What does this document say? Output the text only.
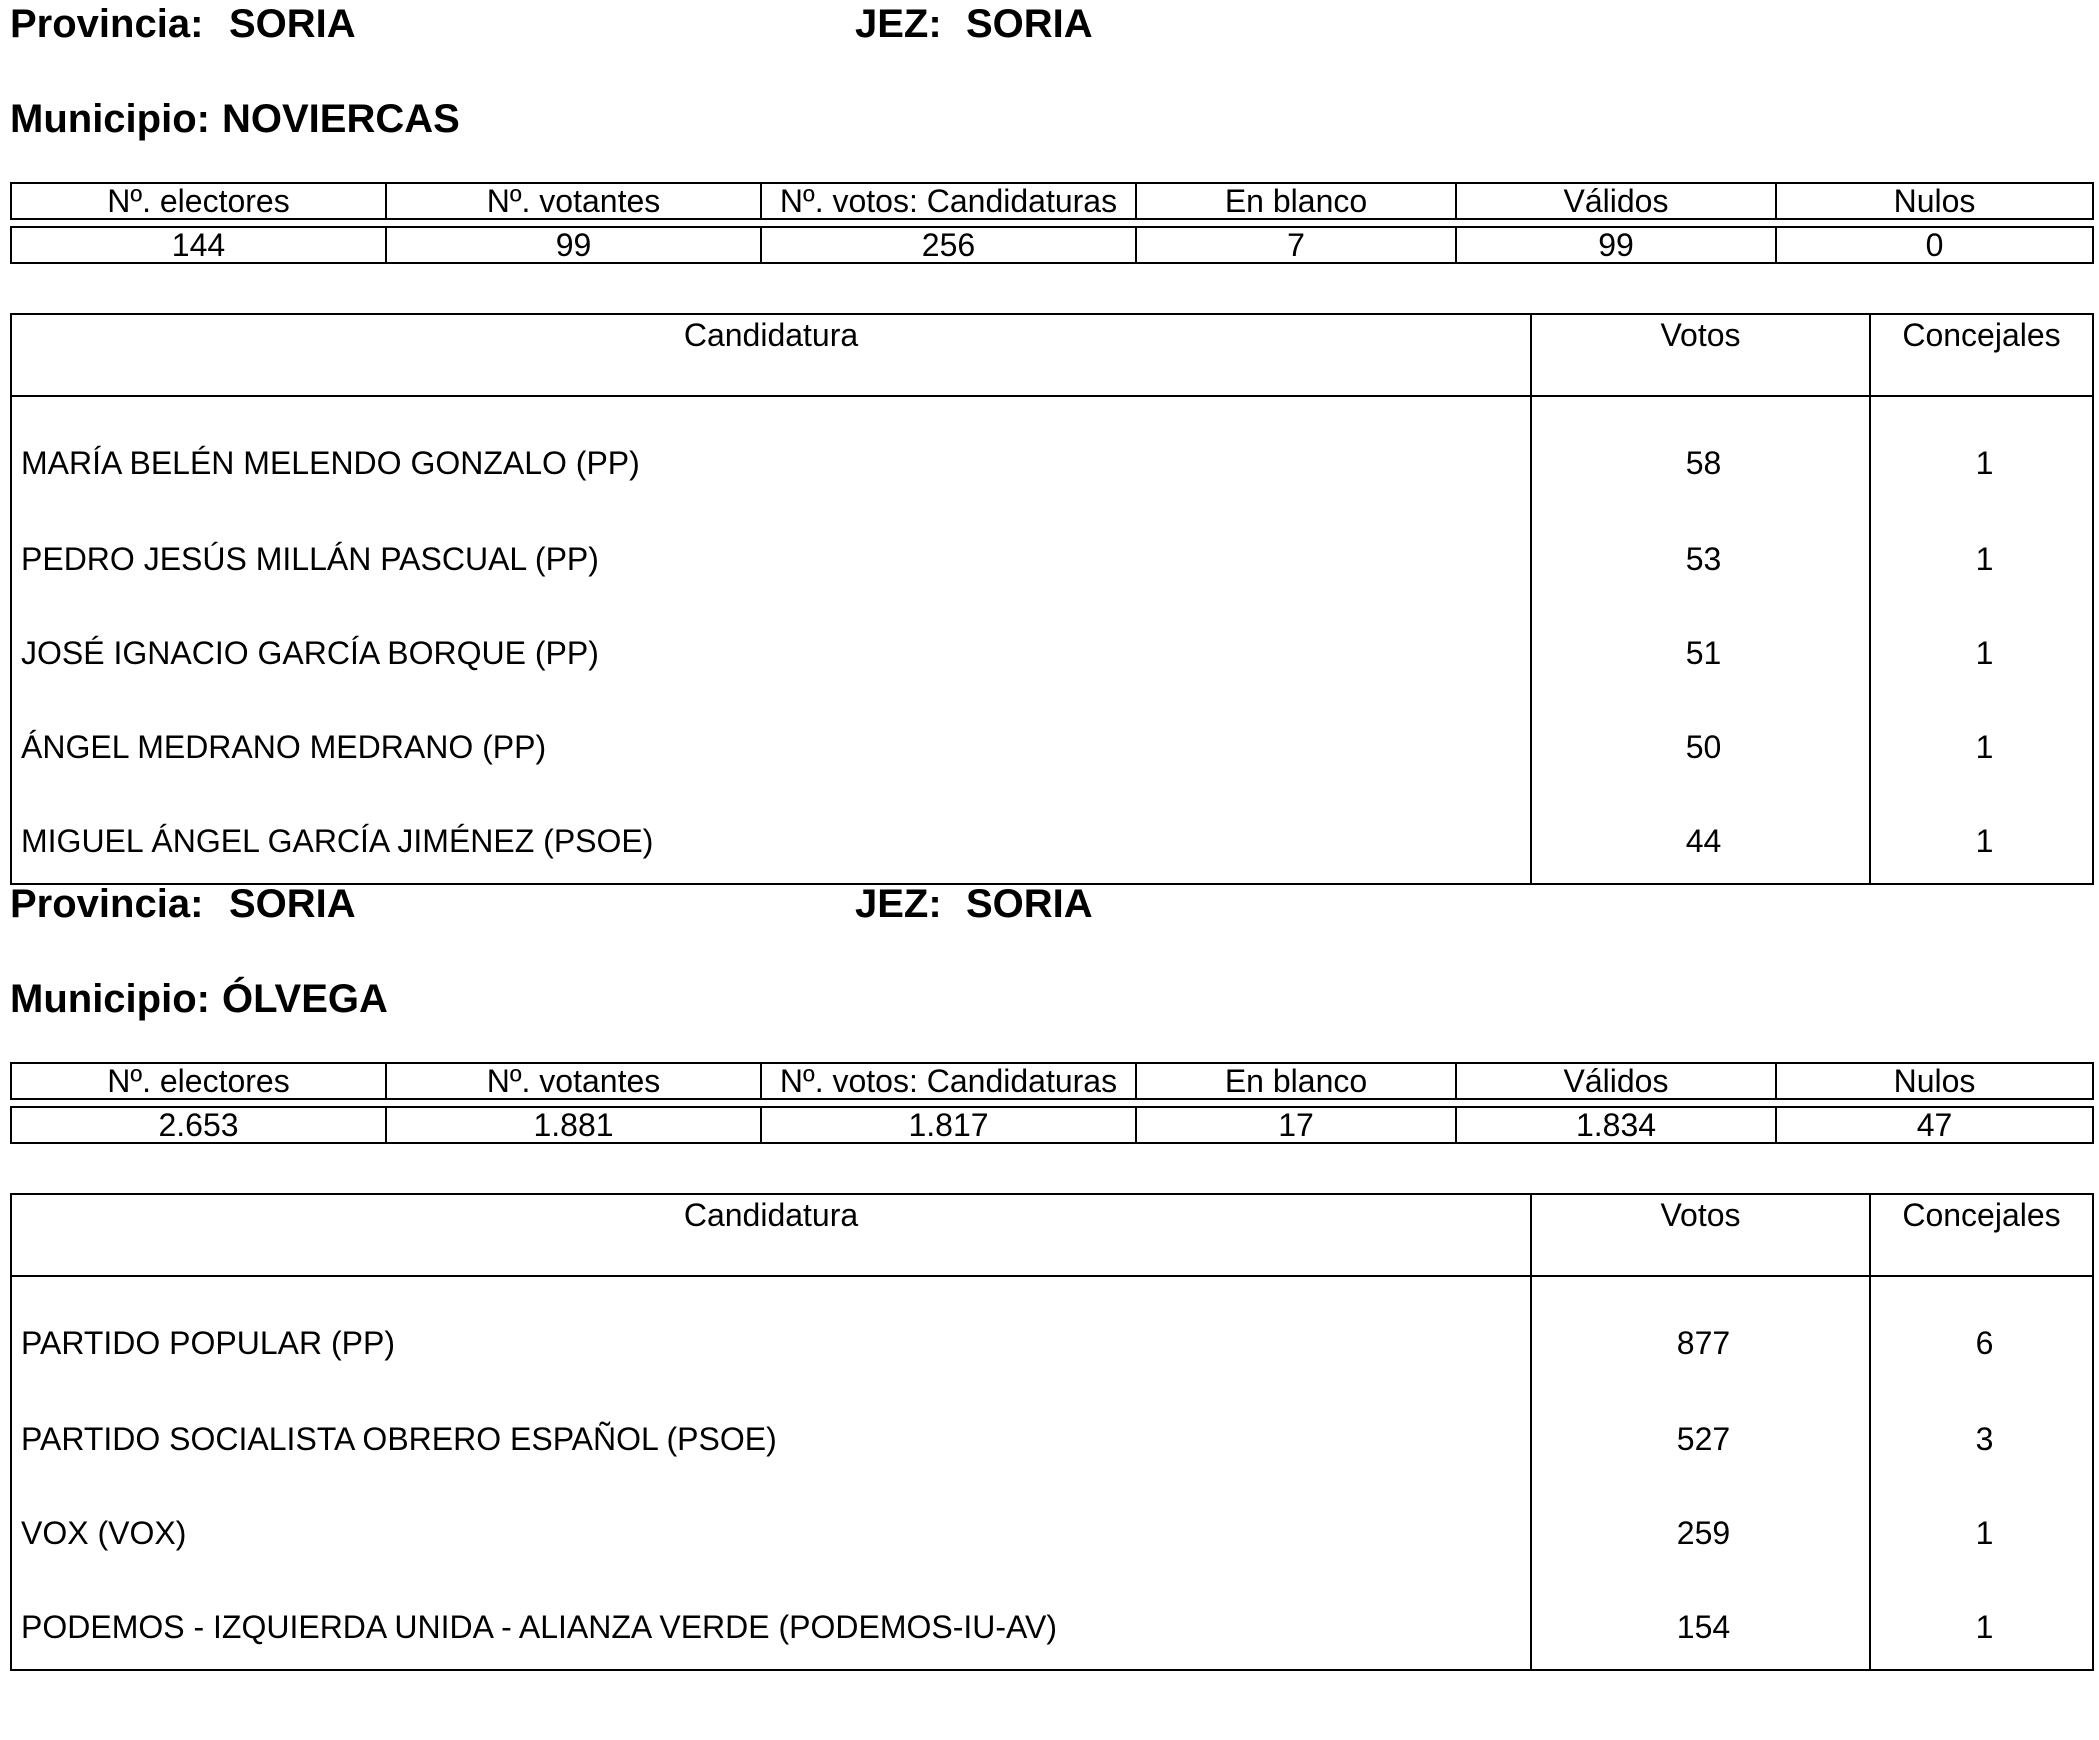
Provincia: SORIA	JEZ: SORIA
Municipio: NOVIERCAS
Nº. electores	Nº. votantes	Nº. votos: Candidaturas	En blanco	Válidos	Nulos
144	99	256	7	99	0
Candidatura	Votos	Concejales
MARÍA BELÉN MELENDO GONZALO (PP)	58	1
PEDRO JESÚS MILLÁN PASCUAL (PP)	53	1
JOSÉ IGNACIO GARCÍA BORQUE (PP)	51	1
ÁNGEL MEDRANO MEDRANO (PP)	50	1
MIGUEL ÁNGEL GARCÍA JIMÉNEZ (PSOE)	44	1
Provincia: SORIA	JEZ: SORIA
Municipio: ÓLVEGA
Nº. electores	Nº. votantes	Nº. votos: Candidaturas	En blanco	Válidos	Nulos
2.653	1.881	1.817	17	1.834	47
Candidatura	Votos	Concejales
PARTIDO POPULAR (PP)	877	6
PARTIDO SOCIALISTA OBRERO ESPAÑOL (PSOE)	527	3
VOX (VOX)	259	1
PODEMOS - IZQUIERDA UNIDA - ALIANZA VERDE (PODEMOS-IU-AV)	154	1
